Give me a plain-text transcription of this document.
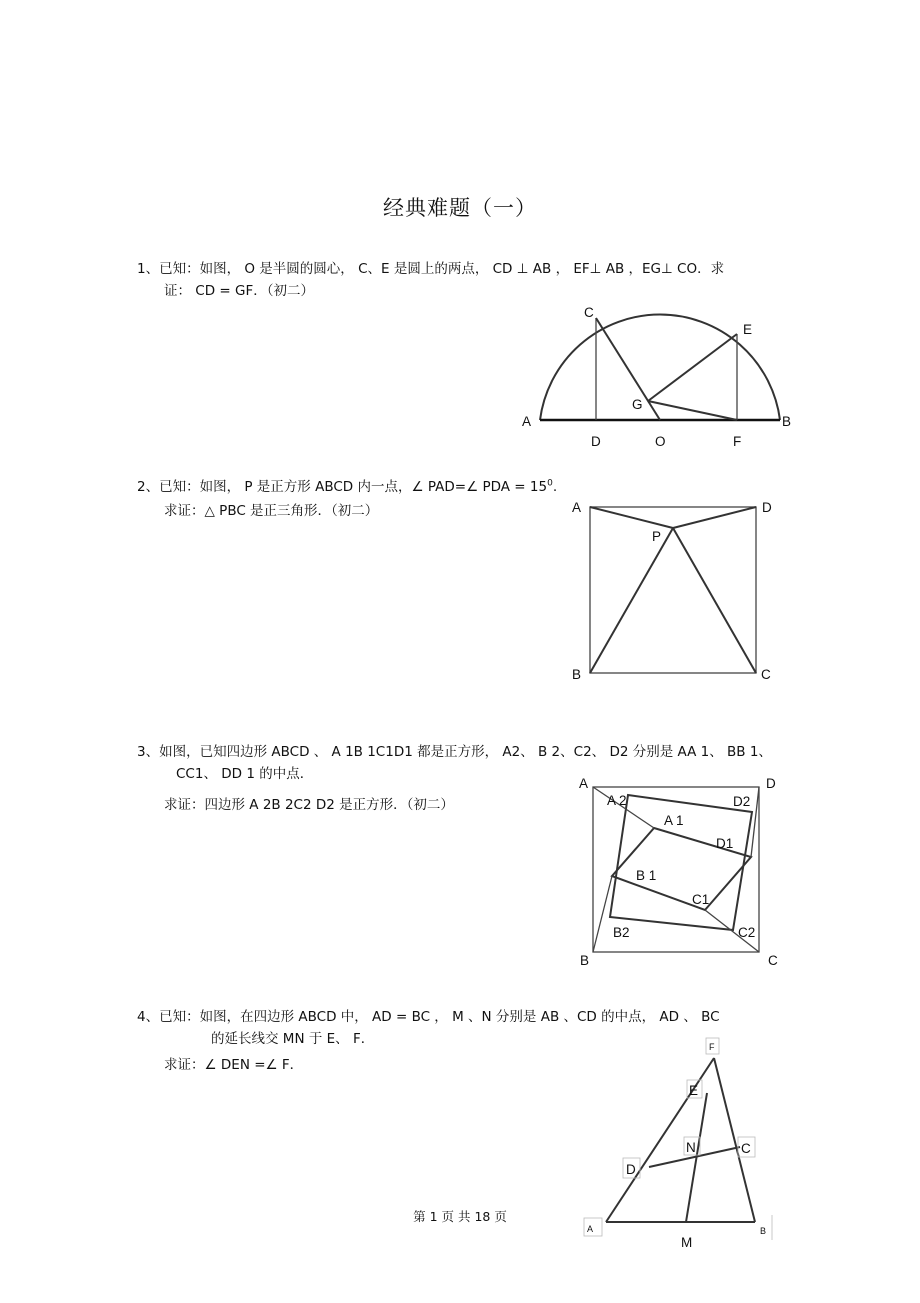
经典难题（一）
1、已知：如图， O 是半圆的圆心， C、E 是圆上的两点， CD ⊥ AB ， EF⊥ AB ，EG⊥ CO．求
证： CD = GF．（初二）
2、已知：如图， P 是正方形 ABCD 内一点，∠ PAD=∠ PDA = $15^0$.
求证：△ PBC 是正三角形．（初二）
3、如图，已知四边形 ABCD 、 A 1B 1C1D1 都是正方形， A2、 B 2、C2、 D2 分别是 AA 1、 BB 1、
CC1、 DD 1 的中点．
求证：四边形 A 2B 2C2 D2 是正方形．（初二）
4、已知：如图，在四边形 ABCD 中， AD = BC ， M 、N 分别是 AB 、CD 的中点， AD 、 BC
的延长线交 MN 于 E、 F．
求证：∠ DEN =∠ F．
C
E
G
A	B
D	O	F
A	D
P
B	C
A	D
A 2	D2
A 1
D1
B 1
C1
B2	C2
B	C
F
E
N	C
D
A	B
M
第 1 页 共 18 页
